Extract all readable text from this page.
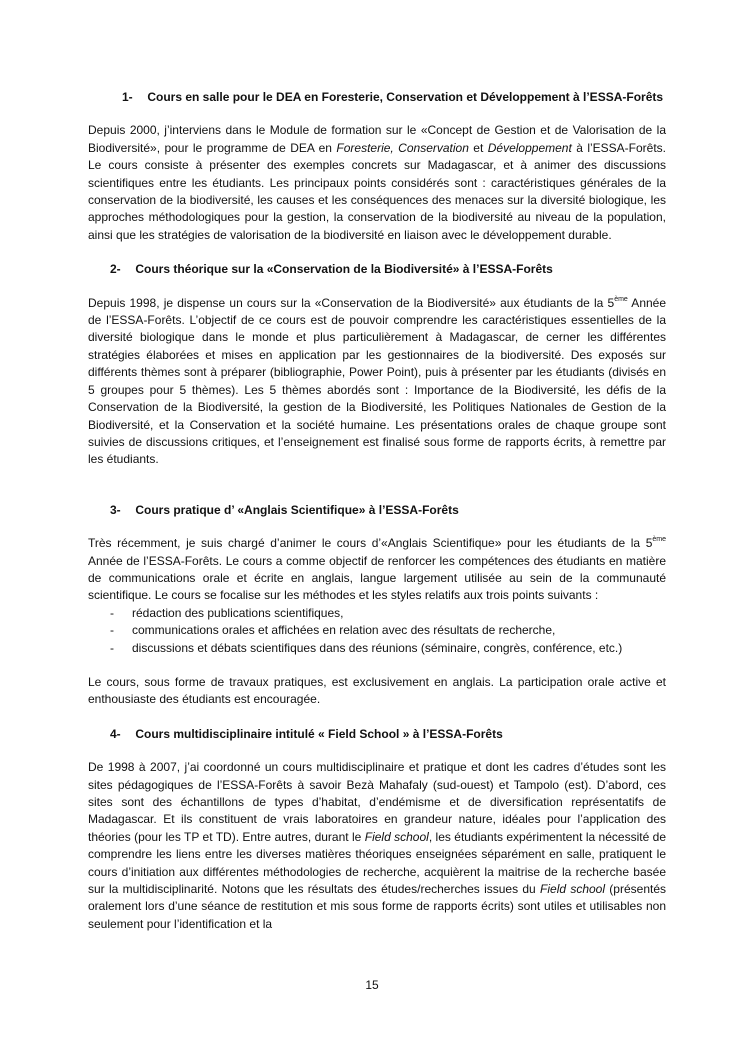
1- Cours en salle pour le DEA en Foresterie, Conservation et Développement à l’ESSA-Forêts

Depuis 2000, j’interviens dans le Module de formation sur le «Concept de Gestion et de Valorisation de la Biodiversité», pour le programme de DEA en Foresterie, Conservation et Développement à l’ESSA-Forêts. Le cours consiste à présenter des exemples concrets sur Madagascar, et à animer des discussions scientifiques entre les étudiants. Les principaux points considérés sont : caractéristiques générales de la conservation de la biodiversité, les causes et les conséquences des menaces sur la diversité biologique, les approches méthodologiques pour la gestion, la conservation de la biodiversité au niveau de la population, ainsi que les stratégies de valorisation de la biodiversité en liaison avec le développement durable.

2- Cours théorique sur la «Conservation de la Biodiversité» à l’ESSA-Forêts

Depuis 1998, je dispense un cours sur la «Conservation de la Biodiversité» aux étudiants de la 5ème Année de l’ESSA-Forêts. L’objectif de ce cours est de pouvoir comprendre les caractéristiques essentielles de la diversité biologique dans le monde et plus particulièrement à Madagascar, de cerner les différentes stratégies élaborées et mises en application par les gestionnaires de la biodiversité. Des exposés sur différents thèmes sont à préparer (bibliographie, Power Point), puis à présenter par les étudiants (divisés en 5 groupes pour 5 thèmes). Les 5 thèmes abordés sont : Importance de la Biodiversité, les défis de la Conservation de la Biodiversité, la gestion de la Biodiversité, les Politiques Nationales de Gestion de la Biodiversité, et la Conservation et la société humaine. Les présentations orales de chaque groupe sont suivies de discussions critiques, et l’enseignement est finalisé sous forme de rapports écrits, à remettre par les étudiants.

3- Cours pratique d’ «Anglais Scientifique» à l’ESSA-Forêts

Très récemment, je suis chargé d’animer le cours d’«Anglais Scientifique» pour les étudiants de la 5ème Année de l’ESSA-Forêts. Le cours a comme objectif de renforcer les compétences des étudiants en matière de communications orale et écrite en anglais, langue largement utilisée au sein de la communauté scientifique. Le cours se focalise sur les méthodes et les styles relatifs aux trois points suivants :

- rédaction des publications scientifiques,
- communications orales et affichées en relation avec des résultats de recherche,
- discussions et débats scientifiques dans des réunions (séminaire, congrès, conférence, etc.)

Le cours, sous forme de travaux pratiques, est exclusivement en anglais. La participation orale active et enthousiaste des étudiants est encouragée.

4- Cours multidisciplinaire intitulé « Field School » à l’ESSA-Forêts

De 1998 à 2007, j’ai coordonné un cours multidisciplinaire et pratique et dont les cadres d’études sont les sites pédagogiques de l’ESSA-Forêts à savoir Bezà Mahafaly (sud-ouest) et Tampolo (est). D’abord, ces sites sont des échantillons de types d’habitat, d’endémisme et de diversification représentatifs de Madagascar. Et ils constituent de vrais laboratoires en grandeur nature, idéales pour l’application des théories (pour les TP et TD). Entre autres, durant le Field school, les étudiants expérimentent la nécessité de comprendre les liens entre les diverses matières théoriques enseignées séparément en salle, pratiquent le cours d’initiation aux différentes méthodologies de recherche, acquièrent la maitrise de la recherche basée sur la multidisciplinarité. Notons que les résultats des études/recherches issues du Field school (présentés oralement lors d’une séance de restitution et mis sous forme de rapports écrits) sont utiles et utilisables non seulement pour l’identification et la

15
